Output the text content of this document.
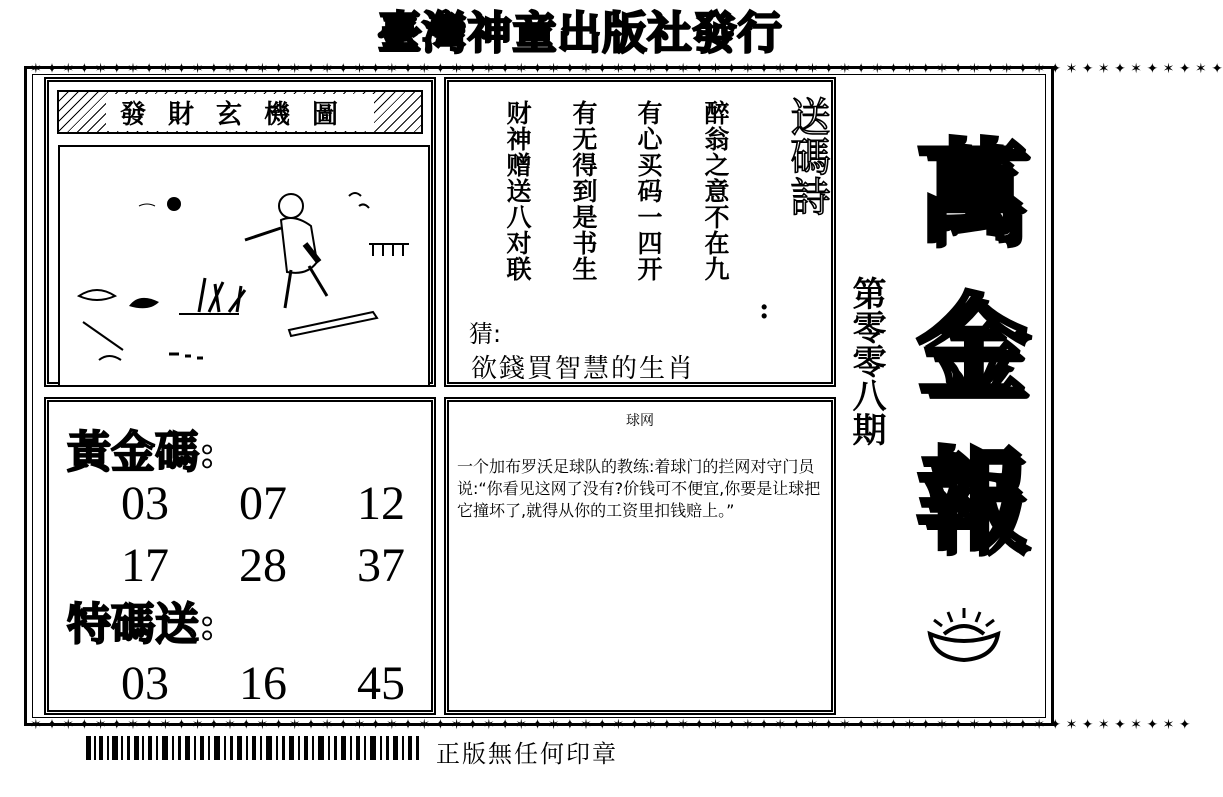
臺灣神童出版社發行
✶ ✦ ✶ ✦ ✶ ✦ ✶ ✦ ✶ ✦ ✶ ✦ ✶ ✦ ✶ ✦ ✶ ✦ ✶ ✦ ✶ ✦ ✶ ✦ ✶ ✦ ✶ ✦ ✶ ✦ ✶ ✦ ✶ ✦ ✶ ✦ ✶ ✦ ✶ ✦ ✶ ✦ ✶ ✦ ✶ ✦ ✶ ✦ ✶ ✦ ✶ ✦ ✶ ✦ ✶ ✦ ✶ ✦ ✶ ✦ ✶ ✦ ✶ ✦ ✶ ✦ ✶ ✦ ✶ ✦ ✶ ✦ ✶ ✦
✶ ✦ ✶ ✦ ✶ ✦ ✶ ✦ ✶ ✦ ✶ ✦ ✶ ✦ ✶ ✦ ✶ ✦ ✶ ✦ ✶ ✦ ✶ ✦ ✶ ✦ ✶ ✦ ✶ ✦ ✶ ✦ ✶ ✦ ✶ ✦ ✶ ✦ ✶ ✦ ✶ ✦ ✶ ✦ ✶ ✦ ✶ ✦ ✶ ✦ ✶ ✦ ✶ ✦ ✶ ✦ ✶ ✦ ✶ ✦ ✶ ✦ ✶ ✦ ✶ ✦ ✶ ✦ ✶ ✦ ✶ ✦
發財玄機圖	送碼詩
醉翁之意不在九
有心买码一四开
有无得到是书生
财神赠送八对联
:
猜:
欲錢買智慧的生肖
黃金碼:
03 07 12
17 28 37
特碼送:
03 16 45
球网
一个加布罗沃足球队的教练:着球门的拦网对守门员说:“你看见这网了没有?价钱可不便宜,你要是让球把它撞坏了,就得从你的工资里扣钱赔上。”
第零零八期
萬
金
報
正版無任何印章
